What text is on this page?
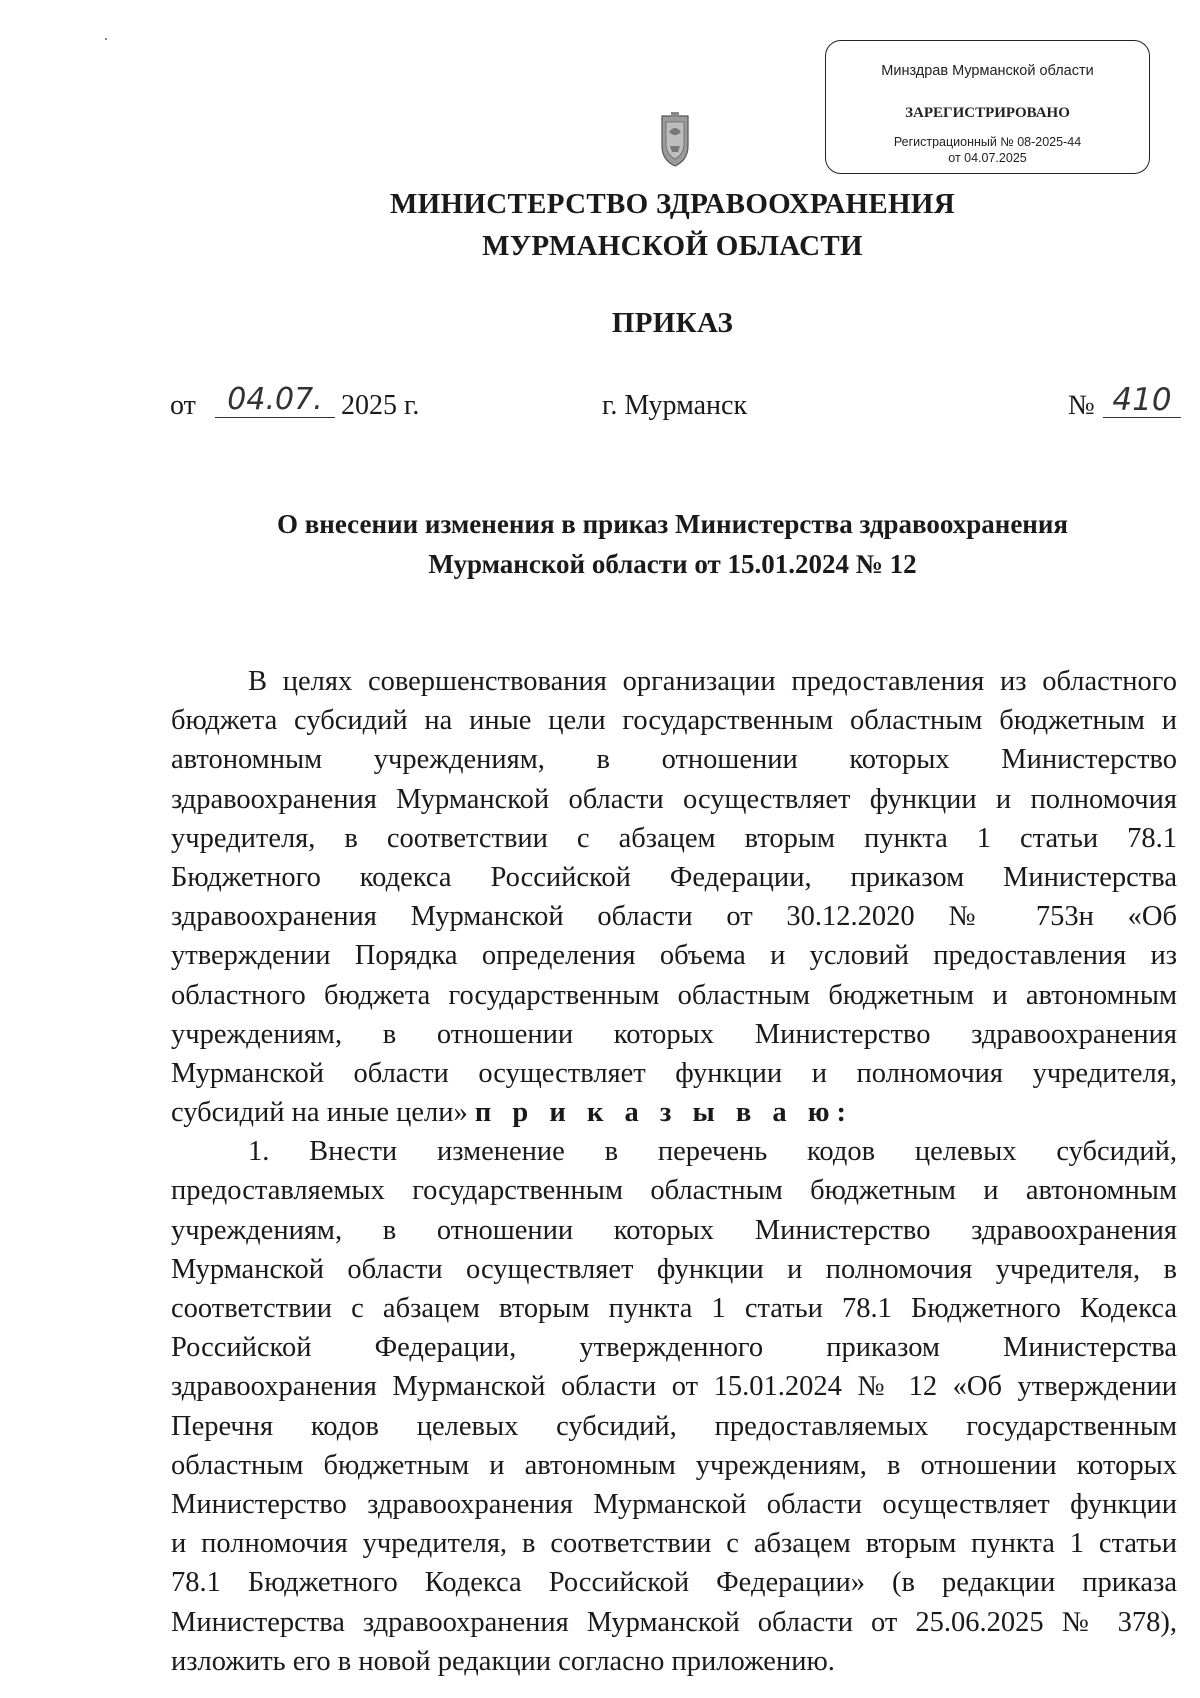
Минздрав Мурманской области
ЗАРЕГИСТРИРОВАНО
Регистрационный № 08-2025-44
от 04.07.2025
МИНИСТЕРСТВО ЗДРАВООХРАНЕНИЯ
МУРМАНСКОЙ ОБЛАСТИ
ПРИКАЗ
от	04.07. 2025 г.	г. Мурманск	№ 410
О внесении изменения в приказ Министерства здравоохранения
Мурманской области от 15.01.2024 № 12
В целях совершенствования организации предоставления из областного
бюджета субсидий на иные цели государственным областным бюджетным и
автономным учреждениям, в отношении которых Министерство
здравоохранения Мурманской области осуществляет функции и полномочия
учредителя, в соответствии с абзацем вторым пункта 1 статьи 78.1
Бюджетного кодекса Российской Федерации, приказом Министерства
здравоохранения Мурманской области от 30.12.2020 № 753н «Об
утверждении Порядка определения объема и условий предоставления из
областного бюджета государственным областным бюджетным и автономным
учреждениям, в отношении которых Министерство здравоохранения
Мурманской области осуществляет функции и полномочия учредителя,
субсидий на иные цели» п р и к а з ы в а ю:
1. Внести изменение в перечень кодов целевых субсидий,
предоставляемых государственным областным бюджетным и автономным
учреждениям, в отношении которых Министерство здравоохранения
Мурманской области осуществляет функции и полномочия учредителя, в
соответствии с абзацем вторым пункта 1 статьи 78.1 Бюджетного Кодекса
Российской Федерации, утвержденного приказом Министерства
здравоохранения Мурманской области от 15.01.2024 № 12 «Об утверждении
Перечня кодов целевых субсидий, предоставляемых государственным
областным бюджетным и автономным учреждениям, в отношении которых
Министерство здравоохранения Мурманской области осуществляет функции
и полномочия учредителя, в соответствии с абзацем вторым пункта 1 статьи
78.1 Бюджетного Кодекса Российской Федерации» (в редакции приказа
Министерства здравоохранения Мурманской области от 25.06.2025 № 378),
изложить его в новой редакции согласно приложению.
